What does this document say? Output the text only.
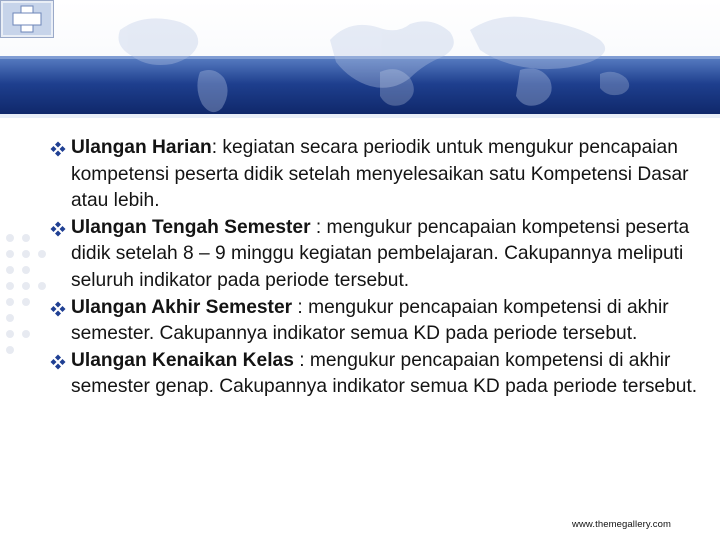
Ulangan Harian: kegiatan secara periodik untuk mengukur pencapaian kompetensi peserta didik setelah menyelesaikan satu Kompetensi Dasar atau lebih.
Ulangan Tengah Semester : mengukur pencapaian kompetensi peserta didik setelah 8 – 9 minggu kegiatan pembelajaran. Cakupannya meliputi seluruh indikator pada periode tersebut.
Ulangan Akhir Semester : mengukur pencapaian kompetensi di akhir semester. Cakupannya indikator semua KD pada periode tersebut.
Ulangan Kenaikan Kelas : mengukur pencapaian kompetensi di akhir semester genap. Cakupannya indikator semua KD pada periode tersebut.
www.themegallery.com
